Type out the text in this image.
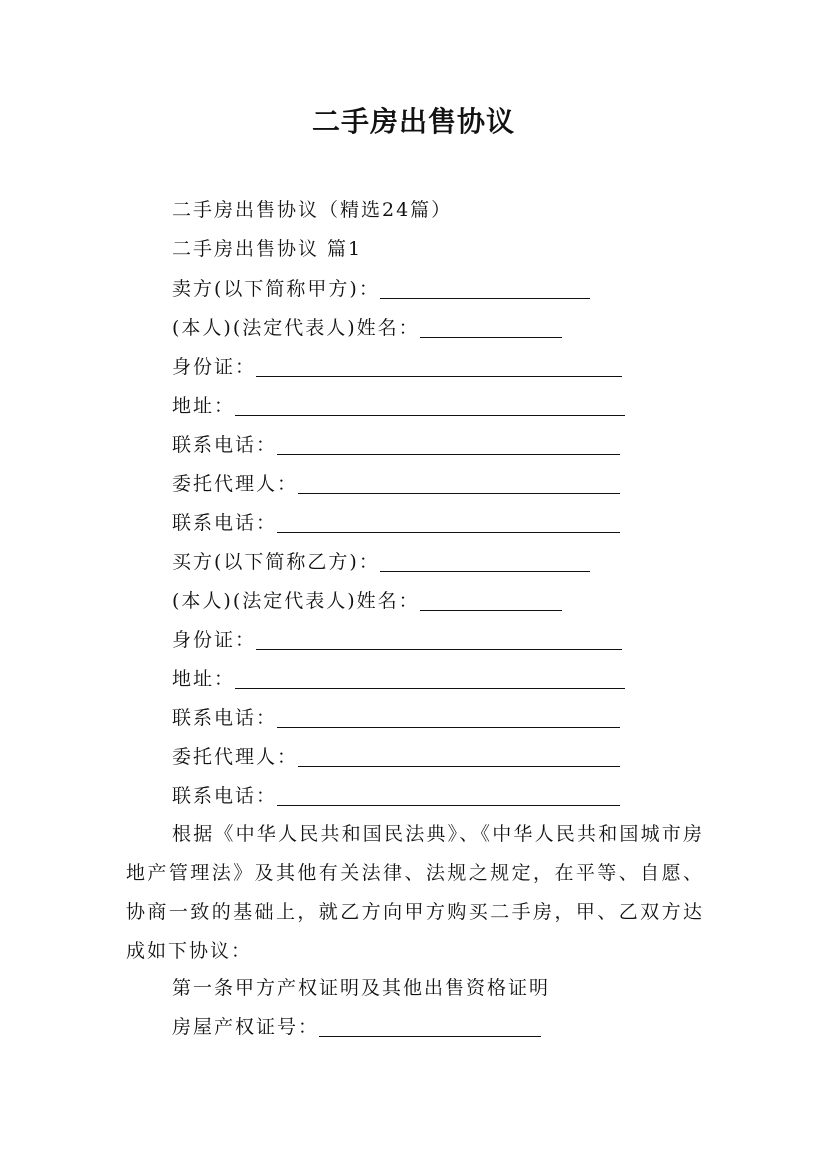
二手房出售协议
二手房出售协议（精选24篇）
二手房出售协议 篇1
卖方(以下简称甲方)：
(本人)(法定代表人)姓名：
身份证：
地址：
联系电话：
委托代理人：
联系电话：
买方(以下简称乙方)：
(本人)(法定代表人)姓名：
身份证：
地址：
联系电话：
委托代理人：
联系电话：
根据《中华人民共和国民法典》、《中华人民共和国城市房地产管理法》及其他有关法律、法规之规定，在平等、自愿、协商一致的基础上，就乙方向甲方购买二手房，甲、乙双方达成如下协议：
第一条甲方产权证明及其他出售资格证明
房屋产权证号：
